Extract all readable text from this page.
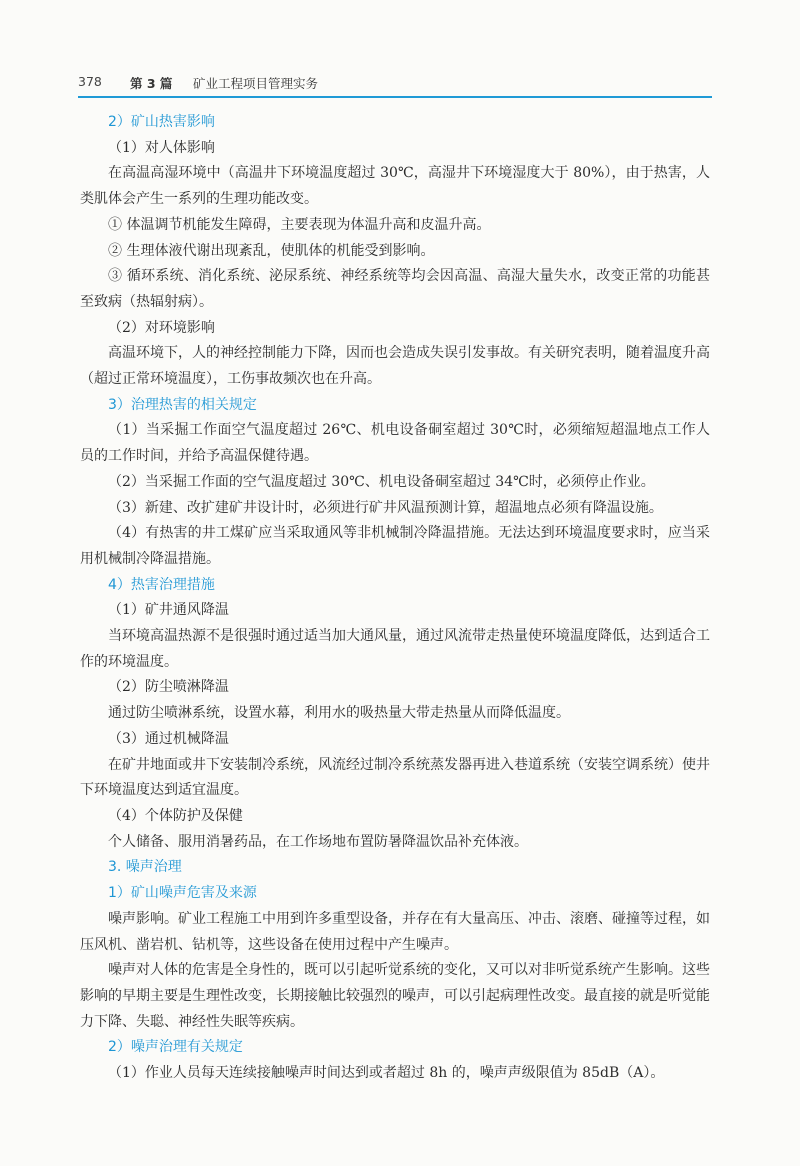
378 第 3 篇 矿业工程项目管理实务
2）矿山热害影响
（1）对人体影响
在高温高湿环境中（高温井下环境温度超过 30℃，高湿井下环境湿度大于 80%），由于热害，人类肌体会产生一系列的生理功能改变。
① 体温调节机能发生障碍，主要表现为体温升高和皮温升高。
② 生理体液代谢出现紊乱，使肌体的机能受到影响。
③ 循环系统、消化系统、泌尿系统、神经系统等均会因高温、高湿大量失水，改变正常的功能甚至致病（热辐射病）。
（2）对环境影响
高温环境下，人的神经控制能力下降，因而也会造成失误引发事故。有关研究表明，随着温度升高（超过正常环境温度），工伤事故频次也在升高。
3）治理热害的相关规定
（1）当采掘工作面空气温度超过 26℃、机电设备硐室超过 30℃时，必须缩短超温地点工作人员的工作时间，并给予高温保健待遇。
（2）当采掘工作面的空气温度超过 30℃、机电设备硐室超过 34℃时，必须停止作业。
（3）新建、改扩建矿井设计时，必须进行矿井风温预测计算，超温地点必须有降温设施。
（4）有热害的井工煤矿应当采取通风等非机械制冷降温措施。无法达到环境温度要求时，应当采用机械制冷降温措施。
4）热害治理措施
（1）矿井通风降温
当环境高温热源不是很强时通过适当加大通风量，通过风流带走热量使环境温度降低，达到适合工作的环境温度。
（2）防尘喷淋降温
通过防尘喷淋系统，设置水幕，利用水的吸热量大带走热量从而降低温度。
（3）通过机械降温
在矿井地面或井下安装制冷系统，风流经过制冷系统蒸发器再进入巷道系统（安装空调系统）使井下环境温度达到适宜温度。
（4）个体防护及保健
个人储备、服用消暑药品，在工作场地布置防暑降温饮品补充体液。
3. 噪声治理
1）矿山噪声危害及来源
噪声影响。矿业工程施工中用到许多重型设备，并存在有大量高压、冲击、滚磨、碰撞等过程，如压风机、凿岩机、钻机等，这些设备在使用过程中产生噪声。
噪声对人体的危害是全身性的，既可以引起听觉系统的变化，又可以对非听觉系统产生影响。这些影响的早期主要是生理性改变，长期接触比较强烈的噪声，可以引起病理性改变。最直接的就是听觉能力下降、失聪、神经性失眠等疾病。
2）噪声治理有关规定
（1）作业人员每天连续接触噪声时间达到或者超过 8h 的，噪声声级限值为 85dB（A）。
